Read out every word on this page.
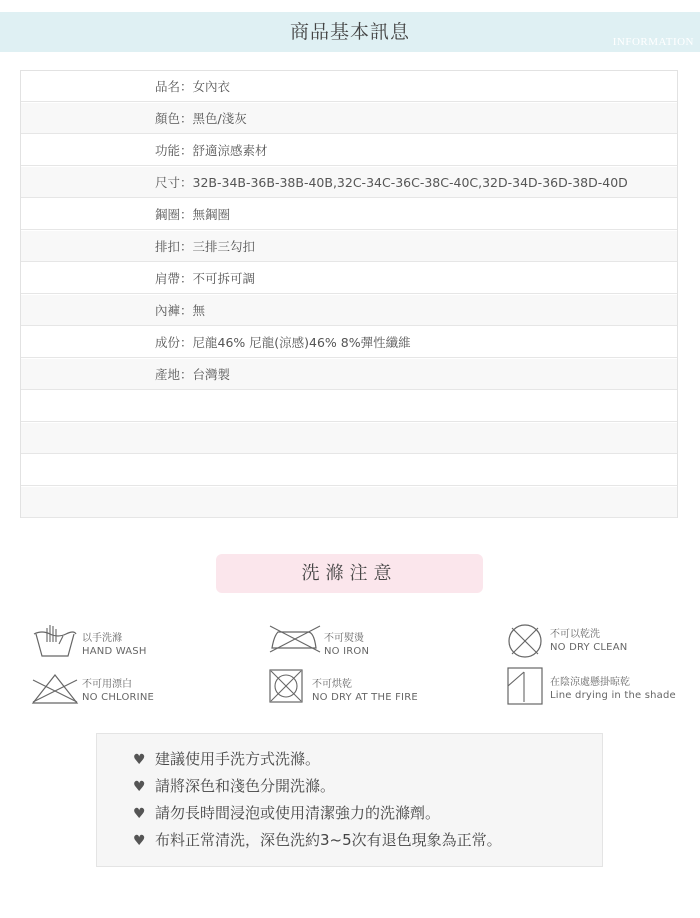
商品基本訊息	INFORMATION
品名：女內衣
顏色：黑色/淺灰
功能：舒適涼感素材
尺寸：32B-34B-36B-38B-40B,32C-34C-36C-38C-40C,32D-34D-36D-38D-40D
鋼圈：無鋼圈
排扣：三排三勾扣
肩帶：不可拆可調
內褲：無
成份：尼龍46% 尼龍(涼感)46% 8%彈性纖維
產地：台灣製
洗滌注意
以手洗滌
HAND WASH
不可熨燙
NO IRON
不可以乾洗
NO DRY CLEAN
不可用漂白
NO CHLORINE
不可烘乾
NO DRY AT THE FIRE
在陰涼處懸掛晾乾
Line drying in the shade
♥ 建議使用手洗方式洗滌。
♥ 請將深色和淺色分開洗滌。
♥ 請勿長時間浸泡或使用清潔強力的洗滌劑。
♥ 布料正常清洗，深色洗約3~5次有退色現象為正常。
